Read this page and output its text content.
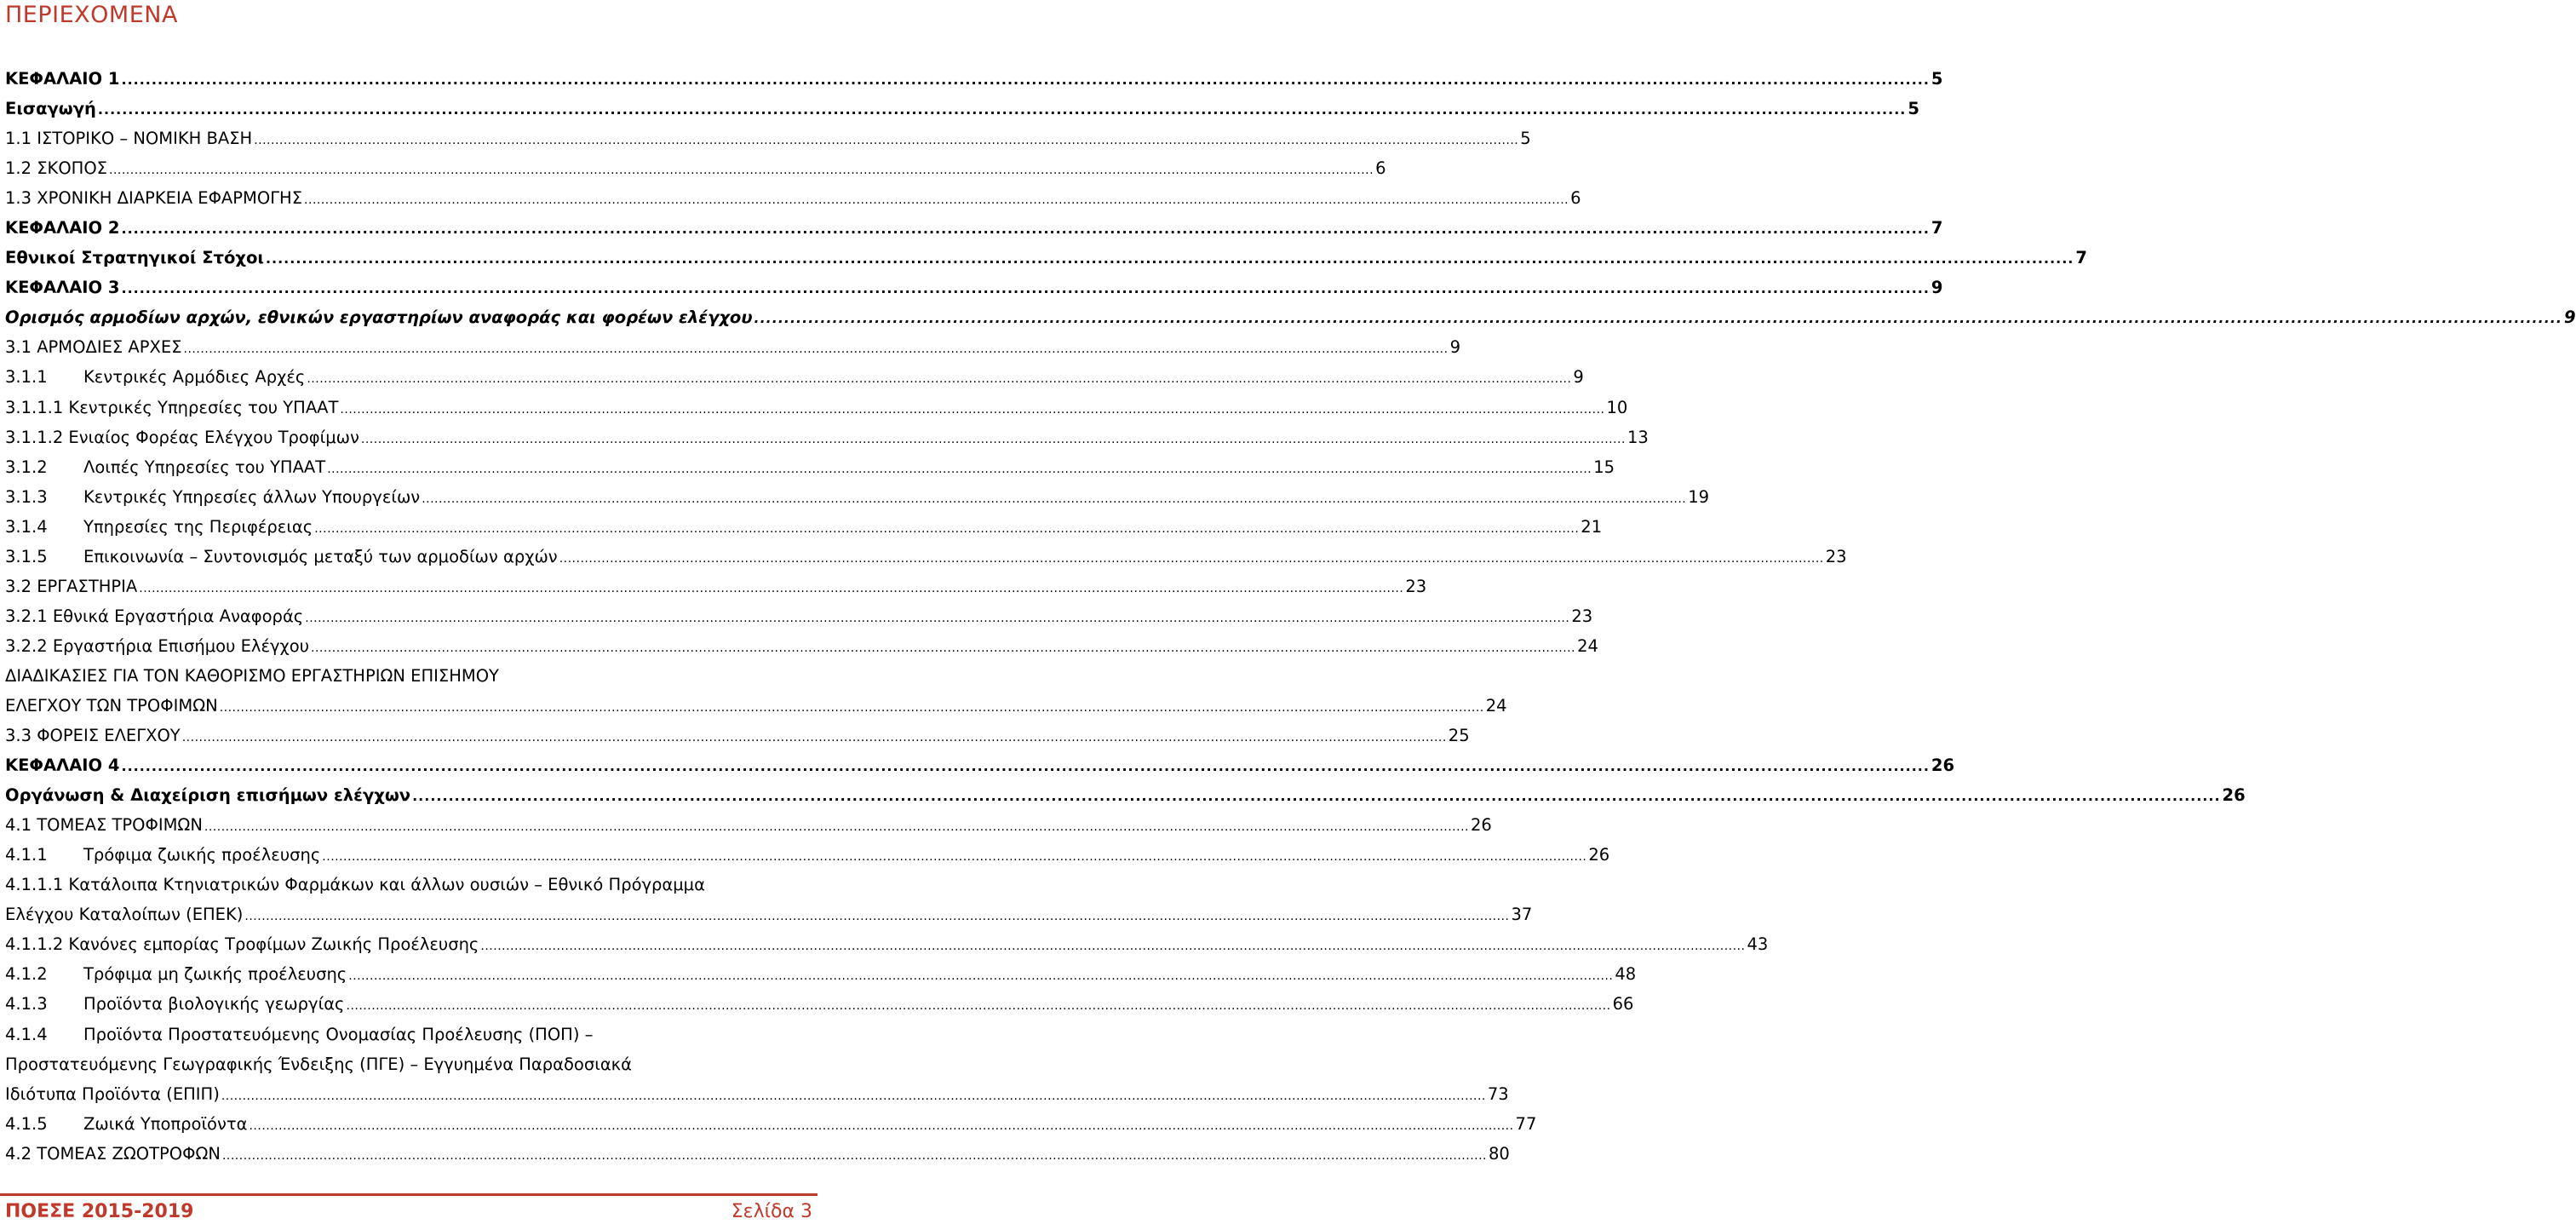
ΠΕΡΙΕΧΟΜΕΝΑ
ΚΕΦΑΛΑΙΟ 1 ............................................................................................................................................................................................................................................................................................................ 5
Εισαγωγή ............................................................................................................................................................................................................................................................................................................ 5
1.1 ΙΣΤΟΡΙΚΟ – ΝΟΜΙΚΗ ΒΑΣΗ ............................................................................................................................................................................................................................................................................................................ 5
1.2 ΣΚΟΠΟΣ ............................................................................................................................................................................................................................................................................................................ 6
1.3 ΧΡΟΝΙΚΗ ΔΙΑΡΚΕΙΑ ΕΦΑΡΜΟΓΗΣ ............................................................................................................................................................................................................................................................................................................ 6
ΚΕΦΑΛΑΙΟ 2 ............................................................................................................................................................................................................................................................................................................ 7
Εθνικοί Στρατηγικοί Στόχοι ............................................................................................................................................................................................................................................................................................................ 7
ΚΕΦΑΛΑΙΟ 3 ............................................................................................................................................................................................................................................................................................................ 9
Ορισμός αρμοδίων αρχών, εθνικών εργαστηρίων αναφοράς και φορέων ελέγχου ............................................................................................................................................................................................................................................................................................................ 9
3.1 ΑΡΜΟΔΙΕΣ ΑΡΧΕΣ ............................................................................................................................................................................................................................................................................................................ 9
3.1.1 Κεντρικές Αρμόδιες Αρχές ............................................................................................................................................................................................................................................................................................................ 9
3.1.1.1 Κεντρικές Υπηρεσίες του ΥΠΑΑΤ ............................................................................................................................................................................................................................................................................................................ 10
3.1.1.2 Ενιαίος Φορέας Ελέγχου Τροφίμων ............................................................................................................................................................................................................................................................................................................ 13
3.1.2 Λοιπές Υπηρεσίες του ΥΠΑΑΤ ............................................................................................................................................................................................................................................................................................................ 15
3.1.3 Κεντρικές Υπηρεσίες άλλων Υπουργείων ............................................................................................................................................................................................................................................................................................................ 19
3.1.4 Υπηρεσίες της Περιφέρειας ............................................................................................................................................................................................................................................................................................................ 21
3.1.5 Επικοινωνία – Συντονισμός μεταξύ των αρμοδίων αρχών ............................................................................................................................................................................................................................................................................................................ 23
3.2 ΕΡΓΑΣΤΗΡΙΑ ............................................................................................................................................................................................................................................................................................................ 23
3.2.1 Εθνικά Εργαστήρια Αναφοράς ............................................................................................................................................................................................................................................................................................................ 23
3.2.2 Εργαστήρια Επισήμου Ελέγχου ............................................................................................................................................................................................................................................................................................................ 24
ΔΙΑΔΙΚΑΣΙΕΣ ΓΙΑ ΤΟΝ ΚΑΘΟΡΙΣΜΟ ΕΡΓΑΣΤΗΡΙΩΝ ΕΠΙΣΗΜΟΥ
ΕΛΕΓΧΟΥ ΤΩΝ ΤΡΟΦΙΜΩΝ ............................................................................................................................................................................................................................................................................................................ 24
3.3 ΦΟΡΕΙΣ ΕΛΕΓΧΟΥ ............................................................................................................................................................................................................................................................................................................ 25
ΚΕΦΑΛΑΙΟ 4 ............................................................................................................................................................................................................................................................................................................ 26
Οργάνωση & Διαχείριση επισήμων ελέγχων ............................................................................................................................................................................................................................................................................................................ 26
4.1 ΤΟΜΕΑΣ ΤΡΟΦΙΜΩΝ ............................................................................................................................................................................................................................................................................................................ 26
4.1.1 Τρόφιμα ζωικής προέλευσης ............................................................................................................................................................................................................................................................................................................ 26
4.1.1.1 Κατάλοιπα Κτηνιατρικών Φαρμάκων και άλλων ουσιών – Εθνικό Πρόγραμμα
Ελέγχου Καταλοίπων (ΕΠΕΚ) ............................................................................................................................................................................................................................................................................................................ 37
4.1.1.2 Κανόνες εμπορίας Τροφίμων Ζωικής Προέλευσης ............................................................................................................................................................................................................................................................................................................ 43
4.1.2 Τρόφιμα μη ζωικής προέλευσης ............................................................................................................................................................................................................................................................................................................ 48
4.1.3 Προϊόντα βιολογικής γεωργίας ............................................................................................................................................................................................................................................................................................................ 66
4.1.4 Προϊόντα Προστατευόμενης Ονομασίας Προέλευσης (ΠΟΠ) –
Προστατευόμενης Γεωγραφικής Ένδειξης (ΠΓΕ) – Εγγυημένα Παραδοσιακά
Ιδιότυπα Προϊόντα (ΕΠΙΠ) ............................................................................................................................................................................................................................................................................................................ 73
4.1.5 Ζωικά Υποπροϊόντα ............................................................................................................................................................................................................................................................................................................ 77
4.2 ΤΟΜΕΑΣ ΖΩΟΤΡΟΦΩΝ ............................................................................................................................................................................................................................................................................................................ 80
ΠΟΕΣΕ 2015-2019	Σελίδα 3
